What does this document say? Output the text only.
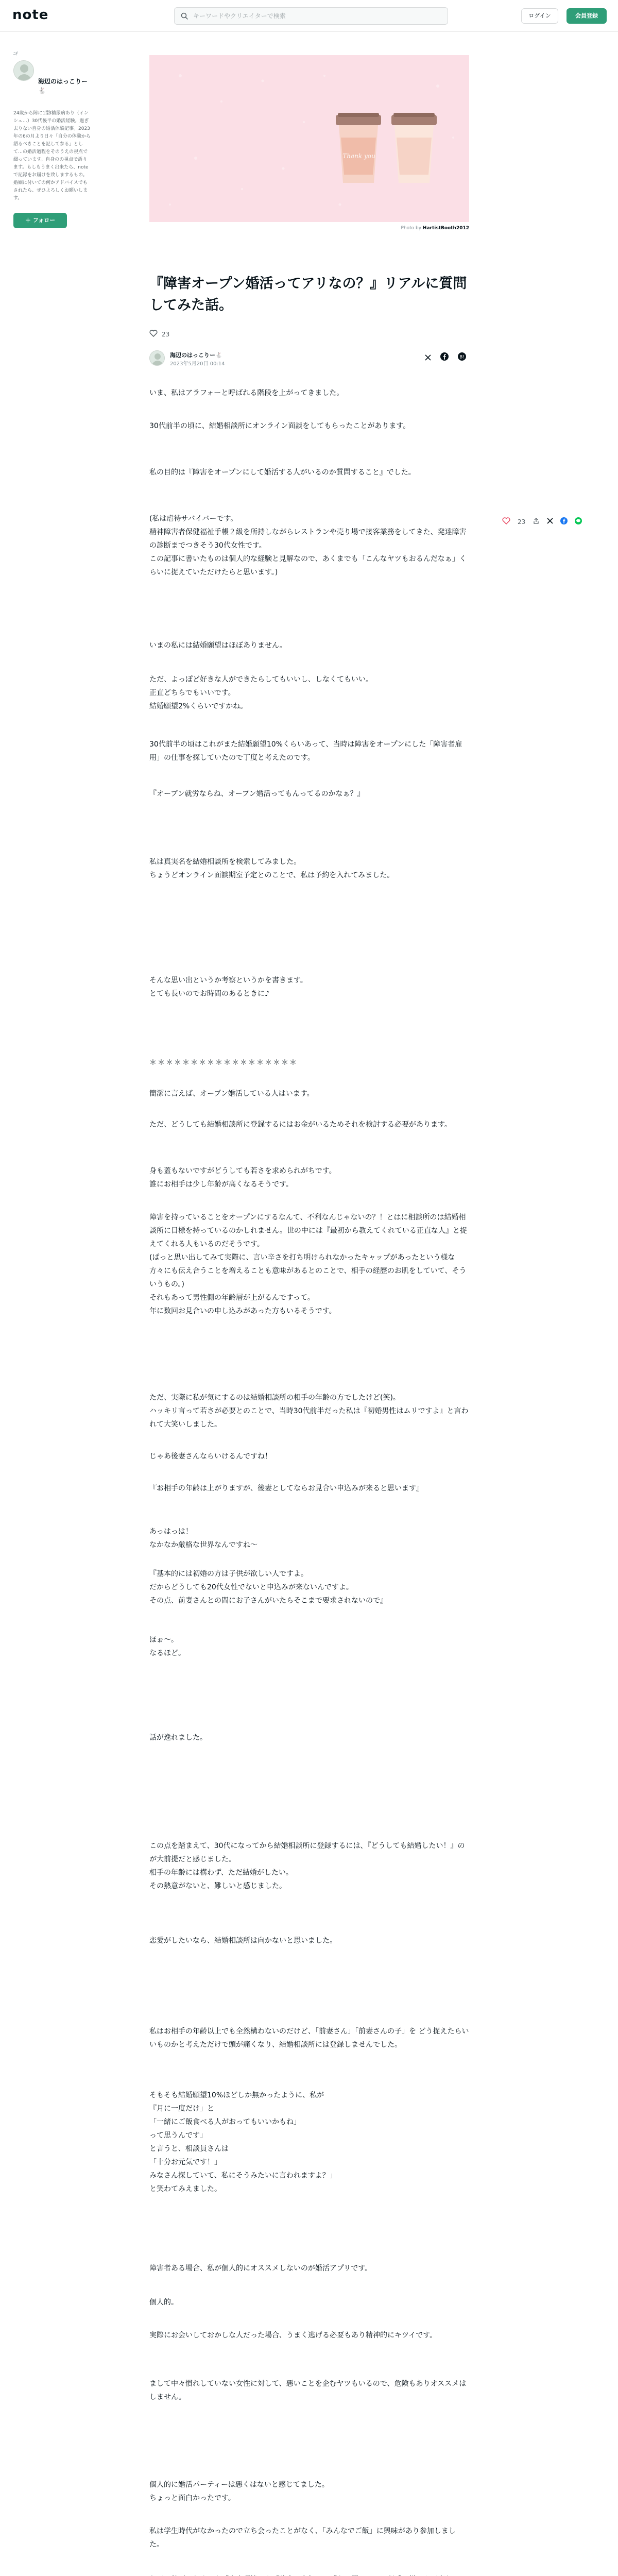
note
キーワードやクリエイターで検索	ログイン	会員登録
ﾆﾁ
海辺のはっこりー　🐇
24歳から障に1型I糖尿病あり（インシュ…）30代後半の婚活経験。過ぎ去りない自身の婚活体験記事。2023年の6の月より日々「自分の体験から語るべきことを記して参る」として…の婚活過程をそのうえの視点で綴っています。自身のの視点で語ります。もしもうまく出来たら、noteで記録をお届けを致しまするもの。婚姻に付いての何かアドバイスでもされたら、ぜひよろしくお願いします。
＋ フォロー
Thank you
Photo by HartistBooth2012
23
『障害オープン婚活ってアリなの？』リアルに質問してみた話。
23
海辺のはっこりー🐇
2023年5月20日 00:14
B!

いま、私はアラフォーと呼ばれる階段を上がってきました。

30代前半の頃に、結婚相談所にオンライン面談をしてもらったことがあります。

私の目的は『障害をオープンにして婚活する人がいるのか質問すること』でした。

(私は虐待サバイバーです。
精神障害者保健福祉手帳２級を所持しながらレストランや売り場で接客業務をしてきた、発達障害の診断までつきそう30代女性です。
この記事に書いたものは個人的な経験と見解なので、あくまでも「こんなヤツもおるんだなぁ」くらいに捉えていただけたらと思います。)

いまの私には結婚願望はほぼありません。

ただ、よっぽど好きな人ができたらしてもいいし、しなくてもいい。
正直どちらでもいいです。
結婚願望2%くらいですかね。

30代前半の頃はこれがまた結婚願望10%くらいあって、当時は障害をオープンにした「障害者雇用」の仕事を探していたので丁度と考えたのです。

『オープン就労ならね、オープン婚活ってもんってるのかなぁ？』

私は真実名を結婚相談所を検索してみました。
ちょうどオンライン面談期室予定とのことで、私は予約を入れてみました。

そんな思い出というか考察というかを書きます。
とても長いのでお時間のあるときに♪

＊＊＊＊＊＊＊＊＊＊＊＊＊＊＊＊＊＊

簡潔に言えば、オープン婚活している人はいます。

ただ、どうしても結婚相談所に登録するにはお金がいるためそれを検討する必要があります。

身も蓋もないですがどうしても若さを求められがちです。
誰にお相手は少し年齢が高くなるそうです。

障害を持っていることをオープンにするなんて、不利なんじゃないの？！とはに相談所のは結婚相談所に目標を持っているのかしれません。世の中には『最初から教えてくれている正直な人』と捉えてくれる人もいるのだそうです。
(ぱっと思い出してみて実際に、言い辛さを打ち明けられなかったキャップがあったという様な方々にも伝え合うことを増えることも意味があるとのことで、相手の経歴のお肌をしていて、そういうもの。)
それもあって男性側の年齢層が上がるんですって。
年に数回お見合いの申し込みがあった方もいるそうです。

ただ、実際に私が気にするのは結婚相談所の相手の年齢の方でしたけど(笑)。
ハッキリ言って若さが必要とのことで、当時30代前半だった私は『初婚男性はムリですよ』と言われて大笑いしました。

じゃあ後妻さんならいけるんですね！

『お相手の年齢は上がりますが、後妻としてならお見合い申込みが来ると思います』

あっはっは！
なかなか厳格な世界なんですね〜

『基本的には初婚の方は子供が欲しい人ですよ。
だからどうしても20代女性でないと申込みが来ないんですよ。
その点、前妻さんとの間にお子さんがいたらそこまで要求されないので』

ほぉ〜。
なるほど。

話が逸れました。

この点を踏まえて、30代になってから結婚相談所に登録するには、『どうしても結婚したい！』のが大前提だと感じました。
相手の年齢には構わず、ただ結婚がしたい。
その熱意がないと、難しいと感じました。

恋愛がしたいなら、結婚相談所は向かないと思いました。

私はお相手の年齢以上でも全然構わないのだけど、「前妻さん」「前妻さんの子」を どう捉えたらいいものかと考えただけで頭が痛くなり、結婚相談所には登録しませんでした。

そもそも結婚願望10%ほどしか無かったように、私が
『月に一度だけ」と
「一緒にご飯食べる人がおってもいいかもね」
って思うんです」
と言うと、相談員さんは
「十分お元気です！」
みなさん探していて、私にそうみたいに言われますよ？」
と笑わてみえました。

障害者ある場合、私が個人的にオススメしないのが婚活アプリです。

個人的。

実際にお会いしておかしな人だった場合、うまく逃げる必要もあり精神的にキツイです。

まして中々慣れしていない女性に対して、悪いことを企むヤツもいるので、危険もありオススメはしません。

個人的に婚活パーティーは悪くはないと感じてました。
ちょっと面白かったです。

私は学生時代がなかったので立ち会ったことがなく、「みんなでご飯」に興味があり参加しました。
